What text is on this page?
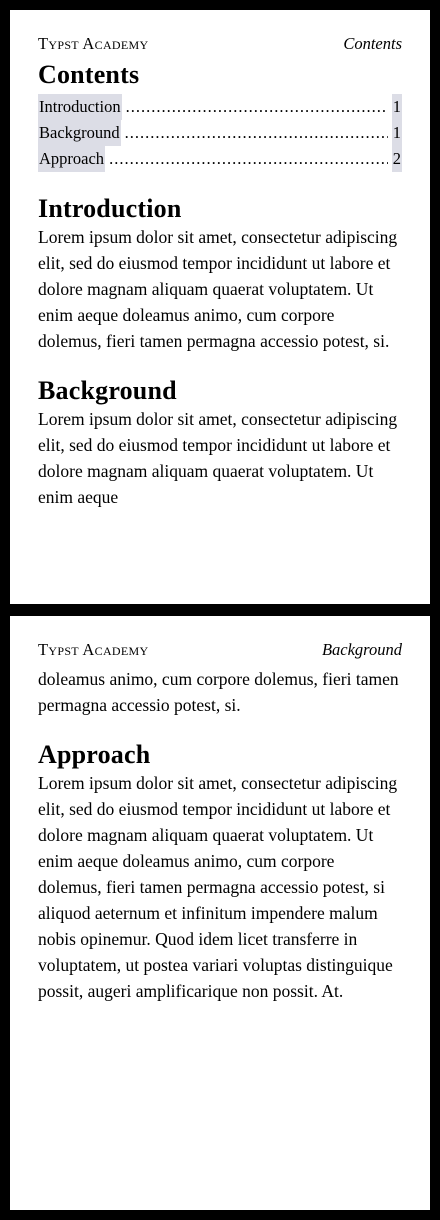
Typst Academy	Contents
Contents
Introduction .....	1
Background .....	1
Approach .....	2
Introduction

Lorem ipsum dolor sit amet, consectetur adipiscing elit, sed do eiusmod tempor incididunt ut labore et dolore magnam aliquam quaerat voluptatem. Ut enim aeque doleamus animo, cum corpore dolemus, fieri tamen permagna accessio potest, si.

Background

Lorem ipsum dolor sit amet, consectetur adipiscing elit, sed do eiusmod tempor incididunt ut labore et dolore magnam aliquam quaerat voluptatem. Ut enim aeque

Typst Academy	Background

doleamus animo, cum corpore dolemus, fieri tamen permagna accessio potest, si.

Approach

Lorem ipsum dolor sit amet, consectetur adipiscing elit, sed do eiusmod tempor incididunt ut labore et dolore magnam aliquam quaerat voluptatem. Ut enim aeque doleamus animo, cum corpore dolemus, fieri tamen permagna accessio potest, si aliquod aeternum et infinitum impendere malum nobis opinemur. Quod idem licet transferre in voluptatem, ut postea variari voluptas distinguique possit, augeri amplificarique non possit. At.
